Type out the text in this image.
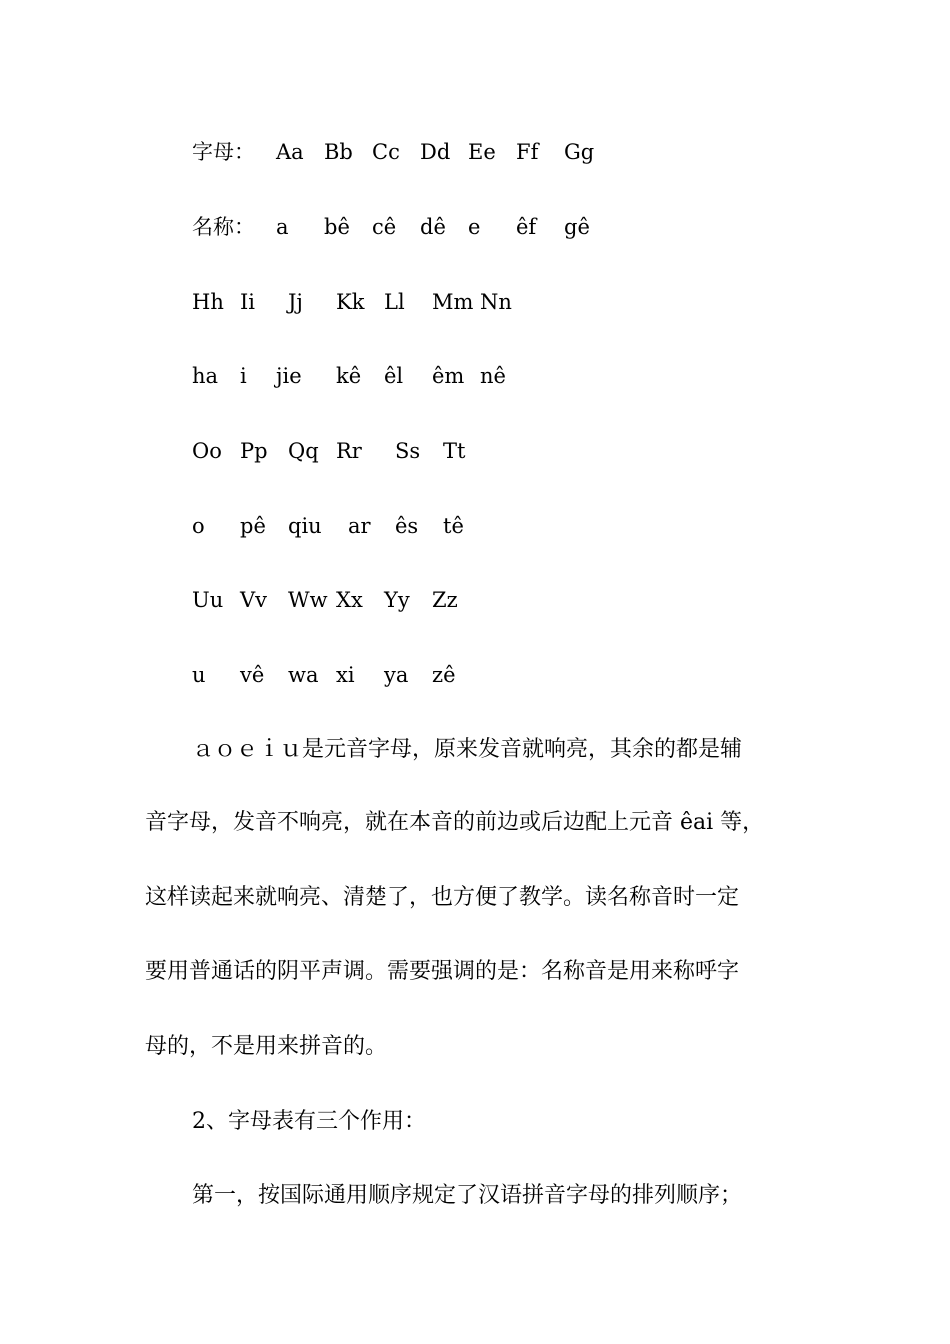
字母： Aa Bb Cc Dd Ee Ff Gg
名称： a bê cê dê e êf gê
Hh Ii Jj Kk Ll Mm Nn
ha i jie kê êl êm nê
Oo Pp Qq Rr Ss Tt
o pê qiu ar ês tê
Uu Vv Ww Xx Yy Zz
u vê wa xi ya zê
ａｏｅｉｕ是元音字母，原来发音就响亮，其余的都是辅
音字母，发音不响亮，就在本音的前边或后边配上元音 êai 等，
这样读起来就响亮、清楚了，也方便了教学。读名称音时一定
要用普通话的阴平声调。需要强调的是：名称音是用来称呼字
母的，不是用来拼音的。
2、字母表有三个作用：
第一，按国际通用顺序规定了汉语拼音字母的排列顺序；
